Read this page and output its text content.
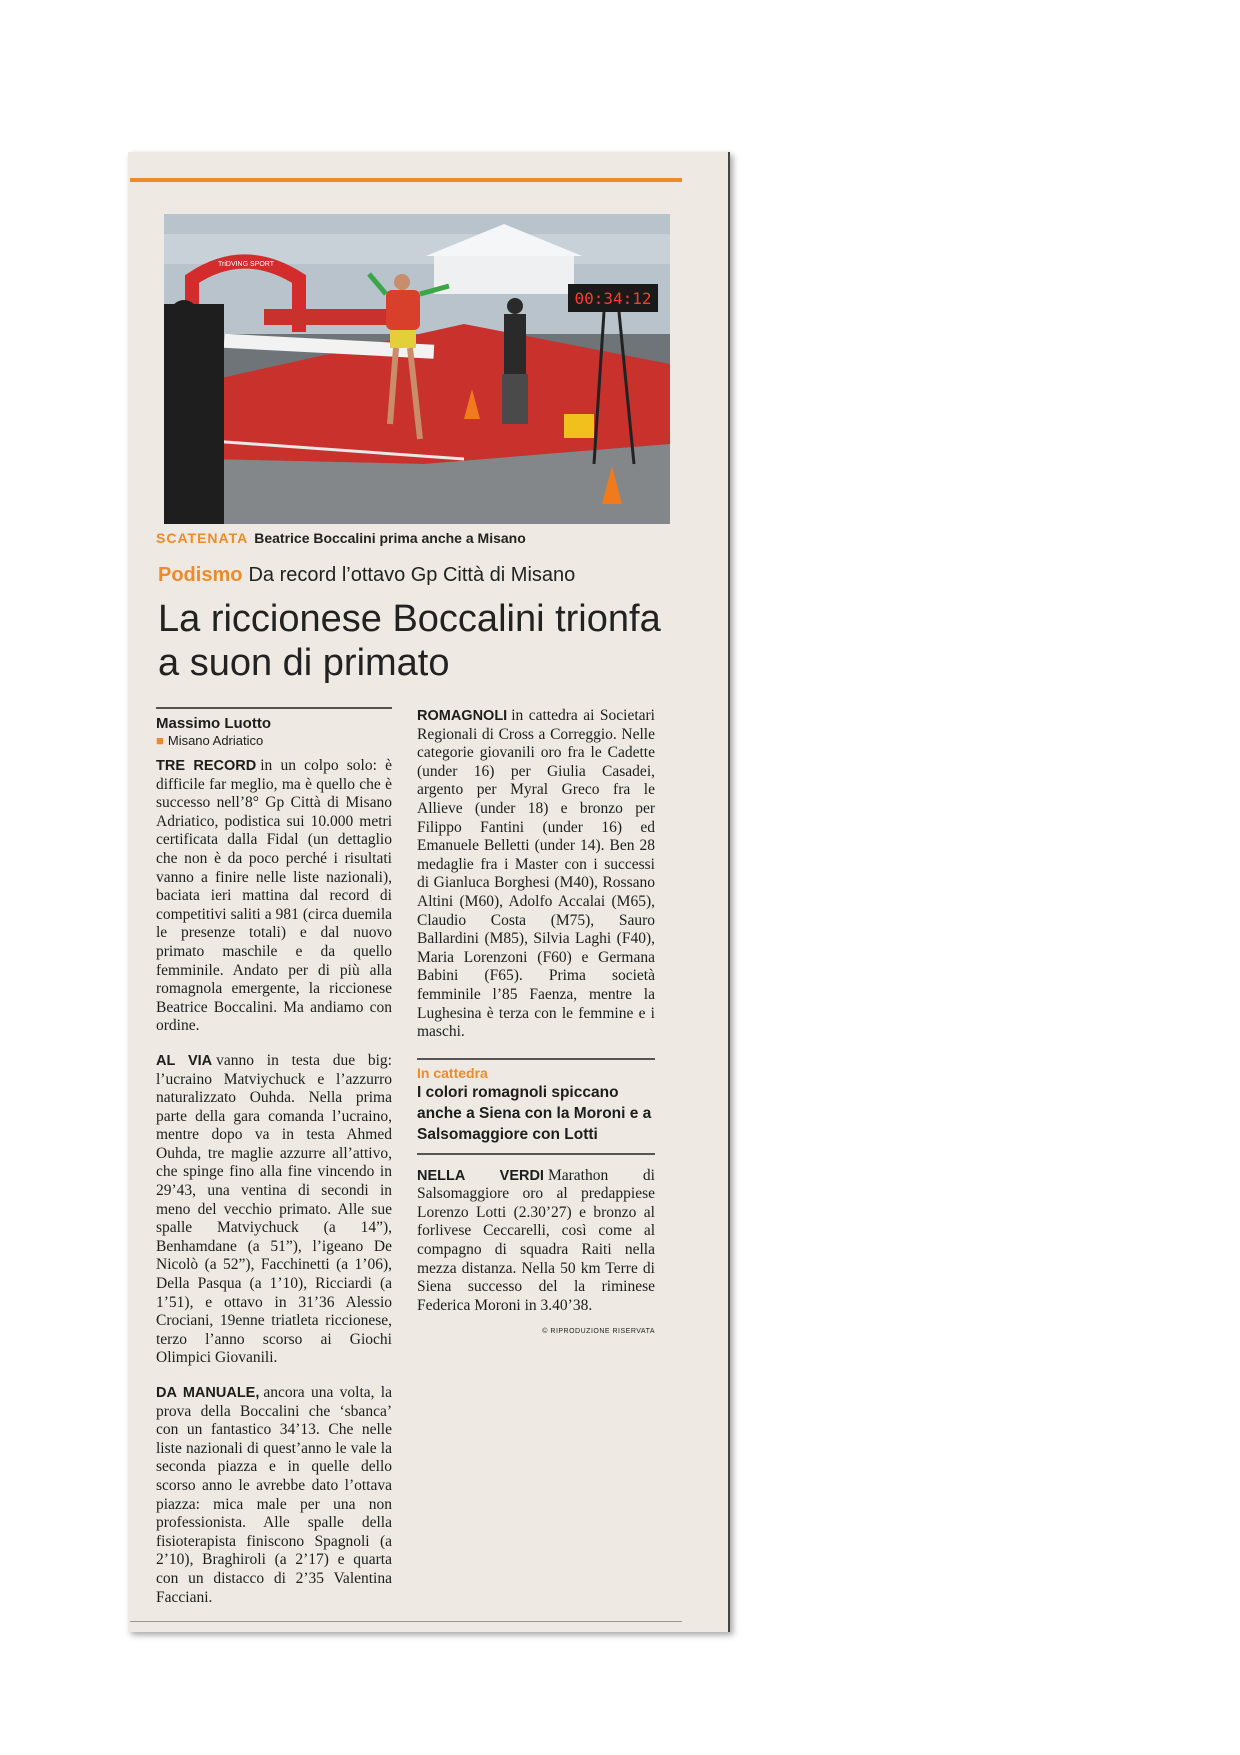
TriDVING SPORT
00:34:12
SCATENATA Beatrice Boccalini prima anche a Misano
Podismo Da record l’ottavo Gp Città di Misano
La riccionese Boccalini trionfa a suon di primato
Massimo Luotto
■ Misano Adriatico

TRE RECORD in un colpo solo: è difficile far meglio, ma è quello che è successo nell’8° Gp Città di Misano Adriatico, podistica sui 10.000 metri certificata dalla Fidal (un dettaglio che non è da poco perché i risultati vanno a finire nelle liste nazionali), baciata ieri mattina dal record di competitivi saliti a 981 (circa duemila le presenze totali) e dal nuovo primato maschile e da quello femminile. Andato per di più alla romagnola emergente, la riccionese Beatrice Boccalini. Ma andiamo con ordine.

AL VIA vanno in testa due big: l’ucraino Matviychuck e l’azzurro naturalizzato Ouhda. Nella prima parte della gara comanda l’ucraino, mentre dopo va in testa Ahmed Ouhda, tre maglie azzurre all’attivo, che spinge fino alla fine vincendo in 29’43, una ventina di secondi in meno del vecchio primato. Alle sue spalle Matviychuck (a 14”), Benhamdane (a 51”), l’igeano De Nicolò (a 52”), Facchinetti (a 1’06), Della Pasqua (a 1’10), Ricciardi (a 1’51), e ottavo in 31’36 Alessio Crociani, 19enne triatleta riccionese, terzo l’anno scorso ai Giochi Olimpici Giovanili.

DA MANUALE, ancora una volta, la prova della Boccalini che ‘sbanca’ con un fantastico 34’13. Che nelle liste nazionali di quest’anno le vale la seconda piazza e in quelle dello scorso anno le avrebbe dato l’ottava piazza: mica male per una non professionista. Alle spalle della fisioterapista finiscono Spagnoli (a 2’10), Braghiroli (a 2’17) e quarta con un distacco di 2’35 Valentina Facciani.

ROMAGNOLI in cattedra ai Societari Regionali di Cross a Correggio. Nelle categorie giovanili oro fra le Cadette (under 16) per Giulia Casadei, argento per Myral Greco fra le Allieve (under 18) e bronzo per Filippo Fantini (under 16) ed Emanuele Belletti (under 14). Ben 28 medaglie fra i Master con i successi di Gianluca Borghesi (M40), Rossano Altini (M60), Adolfo Accalai (M65), Claudio Costa (M75), Sauro Ballardini (M85), Silvia Laghi (F40), Maria Lorenzoni (F60) e Germana Babini (F65). Prima società femminile l’85 Faenza, mentre la Lughesina è terza con le femmine e i maschi.

In cattedra
I colori romagnoli spiccano anche a Siena con la Moroni e a Salsomaggiore con Lotti

NELLA VERDI Marathon di Salsomaggiore oro al predappiese Lorenzo Lotti (2.30’27) e bronzo al forlivese Ceccarelli, così come al compagno di squadra Raiti nella mezza distanza. Nella 50 km Terre di Siena successo del la riminese Federica Moroni in 3.40’38.

© RIPRODUZIONE RISERVATA
